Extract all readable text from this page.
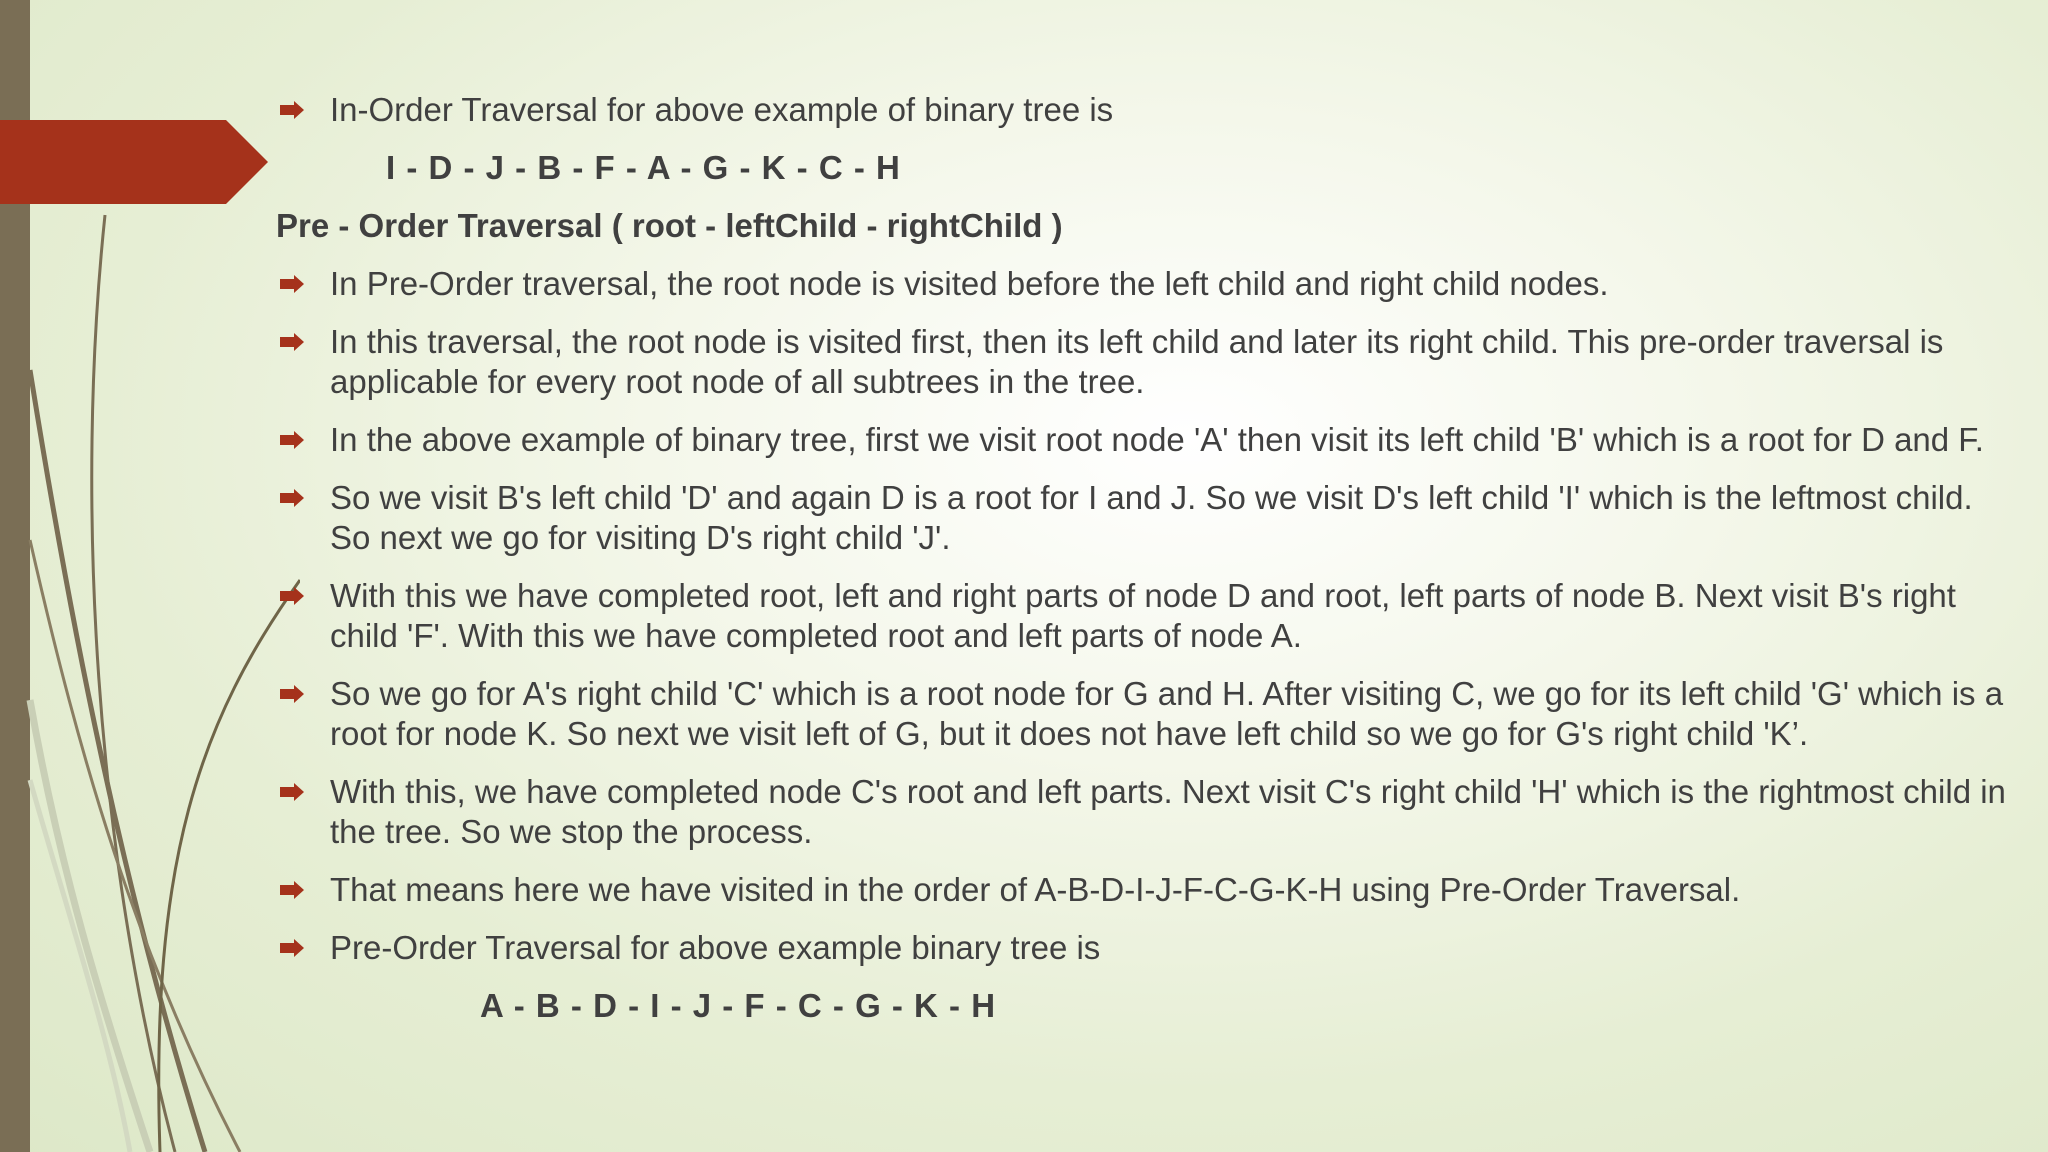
In-Order Traversal for above example of binary tree is
I - D - J - B - F - A - G - K - C - H
Pre - Order Traversal ( root - leftChild - rightChild )
In Pre-Order traversal, the root node is visited before the left child and right child nodes.
In this traversal, the root node is visited first, then its left child and later its right child. This pre-order traversal is applicable for every root node of all subtrees in the tree.
In the above example of binary tree, first we visit root node 'A' then visit its left child 'B' which is a root for D and F.
So we visit B's left child 'D' and again D is a root for I and J. So we visit D's left child 'I' which is the leftmost child. So next we go for visiting D's right child 'J'.
With this we have completed root, left and right parts of node D and root, left parts of node B. Next visit B's right child 'F'. With this we have completed root and left parts of node A.
So we go for A's right child 'C' which is a root node for G and H. After visiting C, we go for its left child 'G' which is a root for node K. So next we visit left of G, but it does not have left child so we go for G's right child 'K’.
With this, we have completed node C's root and left parts. Next visit C's right child 'H' which is the rightmost child in the tree. So we stop the process.
That means here we have visited in the order of A-B-D-I-J-F-C-G-K-H using Pre-Order Traversal.
Pre-Order Traversal for above example binary tree is
A - B - D - I - J - F - C - G - K - H
